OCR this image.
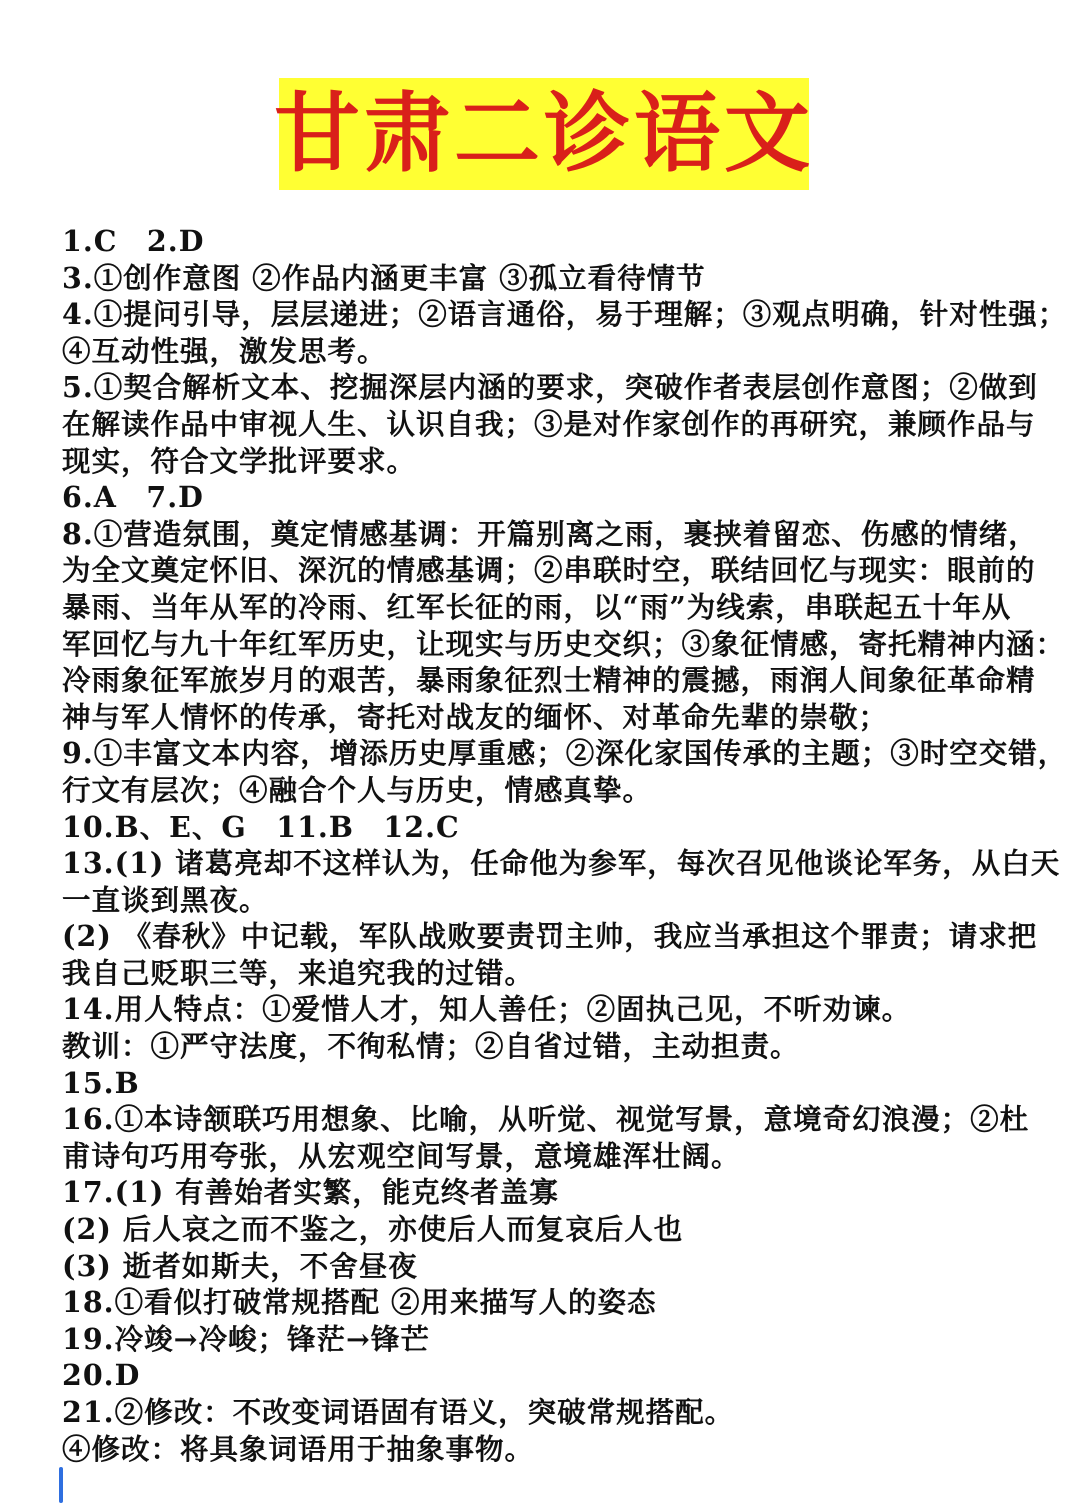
甘肃二诊语文
1.C　2.D
3.①创作意图 ②作品内涵更丰富 ③孤立看待情节
4.①提问引导，层层递进；②语言通俗，易于理解；③观点明确，针对性强；
④互动性强，激发思考。
5.①契合解析文本、挖掘深层内涵的要求，突破作者表层创作意图；②做到
在解读作品中审视人生、认识自我；③是对作家创作的再研究，兼顾作品与
现实，符合文学批评要求。
6.A　7.D
8.①营造氛围，奠定情感基调：开篇别离之雨，裹挟着留恋、伤感的情绪，
为全文奠定怀旧、深沉的情感基调；②串联时空，联结回忆与现实：眼前的
暴雨、当年从军的冷雨、红军长征的雨，以“雨”为线索，串联起五十年从
军回忆与九十年红军历史，让现实与历史交织；③象征情感，寄托精神内涵：
冷雨象征军旅岁月的艰苦，暴雨象征烈士精神的震撼，雨润人间象征革命精
神与军人情怀的传承，寄托对战友的缅怀、对革命先辈的崇敬；
9.①丰富文本内容，增添历史厚重感；②深化家国传承的主题；③时空交错，
行文有层次；④融合个人与历史，情感真挚。
10.B、E、G　11.B　12.C
13.(1) 诸葛亮却不这样认为，任命他为参军，每次召见他谈论军务，从白天
一直谈到黑夜。
(2) 《春秋》中记载，军队战败要责罚主帅，我应当承担这个罪责；请求把
我自己贬职三等，来追究我的过错。
14.用人特点：①爱惜人才，知人善任；②固执己见，不听劝谏。
教训：①严守法度，不徇私情；②自省过错，主动担责。
15.B
16.①本诗颔联巧用想象、比喻，从听觉、视觉写景，意境奇幻浪漫；②杜
甫诗句巧用夸张，从宏观空间写景，意境雄浑壮阔。
17.(1) 有善始者实繁，能克终者盖寡
(2) 后人哀之而不鉴之，亦使后人而复哀后人也
(3) 逝者如斯夫，不舍昼夜
18.①看似打破常规搭配 ②用来描写人的姿态
19.冷竣→冷峻；锋茫→锋芒
20.D
21.②修改：不改变词语固有语义，突破常规搭配。
④修改：将具象词语用于抽象事物。
